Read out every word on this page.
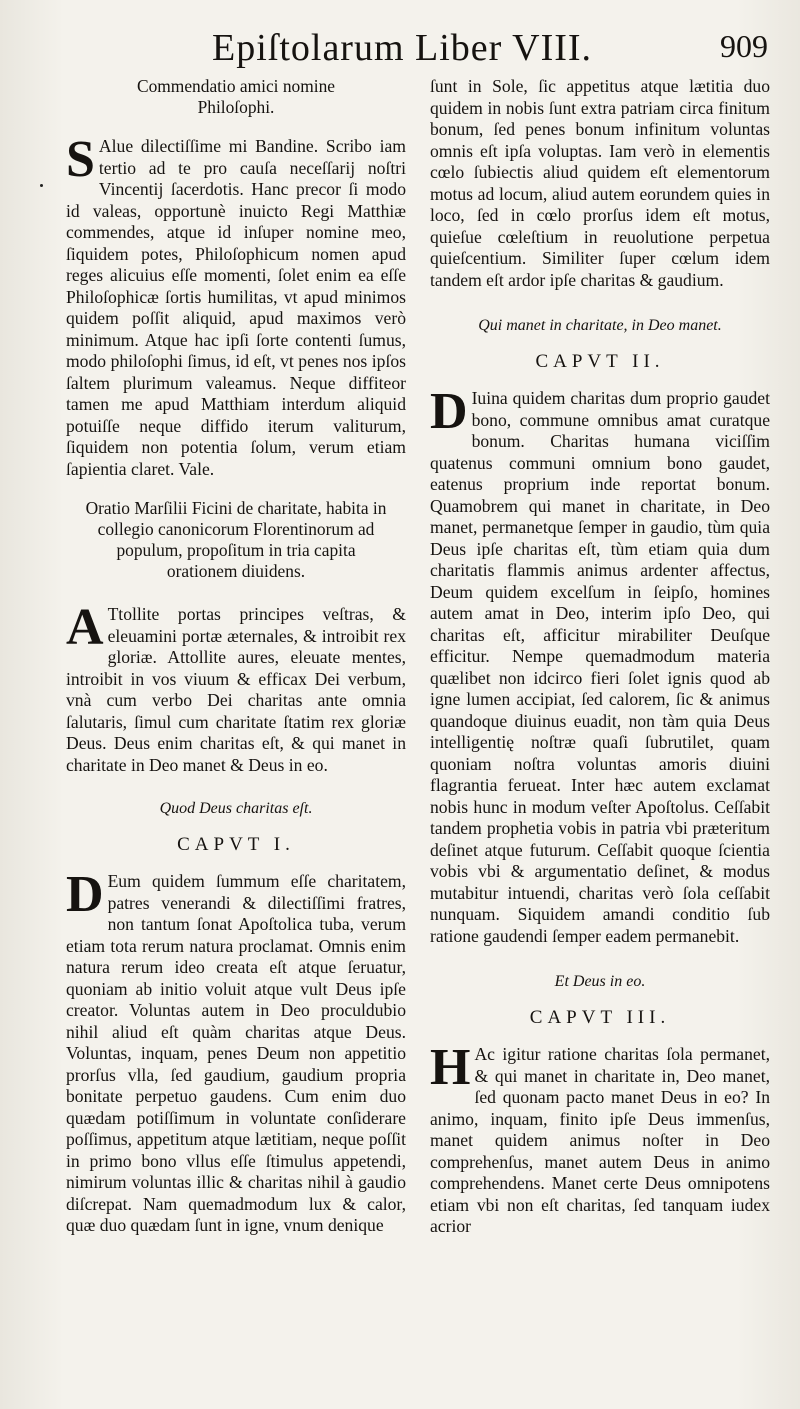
Epiſtolarum Liber VIII.	909
Commendatio amici nomine Philoſophi.

S Alue dilectiſſime mi Bandine. Scribo iam tertio ad te pro cauſa neceſſarij noſtri Vincentij ſacerdotis. Hanc precor ſi modo id valeas, opportunè inuicto Regi Matthiæ commendes, atque id inſuper nomine meo, ſiquidem potes, Philoſophicum nomen apud reges alicuius eſſe momenti, ſolet enim ea eſſe Philoſophicæ ſortis humilitas, vt apud minimos quidem poſſit aliquid, apud maximos verò minimum. Atque hac ipſi ſorte contenti ſumus, modo philoſophi ſimus, id eſt, vt penes nos ipſos ſaltem plurimum valeamus. Neque diffiteor tamen me apud Matthiam interdum aliquid potuiſſe neque diffido iterum valiturum, ſiquidem non potentia ſolum, verum etiam ſapientia claret. Vale.

Oratio Marſilii Ficini de charitate, habita in collegio canonicorum Florentinorum ad populum, propoſitum in tria capita orationem diuidens.

A Ttollite portas principes veſtras, & eleuamini portæ æternales, & introibit rex gloriæ. Attollite aures, eleuate mentes, introibit in vos viuum & efficax Dei verbum, vnà cum verbo Dei charitas ante omnia ſalutaris, ſimul cum charitate ſtatim rex gloriæ Deus. Deus enim charitas eſt, & qui manet in charitate in Deo manet & Deus in eo.

Quod Deus charitas eſt.
CAPVT I.

D Eum quidem ſummum eſſe charitatem, patres venerandi & dilectiſſimi fratres, non tantum ſonat Apoſtolica tuba, verum etiam tota rerum natura proclamat. Omnis enim natura rerum ideo creata eſt atque ſeruatur, quoniam ab initio voluit atque vult Deus ipſe creator. Voluntas autem in Deo proculdubio nihil aliud eſt quàm charitas atque Deus. Voluntas, inquam, penes Deum non appetitio prorſus vlla, ſed gaudium, gaudium propria bonitate perpetuo gaudens. Cum enim duo quædam potiſſimum in voluntate conſiderare poſſimus, appetitum atque lætitiam, neque poſſit in primo bono vllus eſſe ſtimulus appetendi, nimirum voluntas illic & charitas nihil à gaudio diſcrepat. Nam quemadmodum lux & calor, quæ duo quædam ſunt in igne, vnum denique

ſunt in Sole, ſic appetitus atque lætitia duo quidem in nobis ſunt extra patriam circa finitum bonum, ſed penes bonum infinitum voluntas omnis eſt ipſa voluptas. Iam verò in elementis cœlo ſubiectis aliud quidem eſt elementorum motus ad locum, aliud autem eorundem quies in loco, ſed in cœlo prorſus idem eſt motus, quieſue cœleſtium in reuolutione perpetua quieſcentium. Similiter ſuper cœlum idem tandem eſt ardor ipſe charitas & gaudium.

Qui manet in charitate, in Deo manet.
CAPVT II.

D Iuina quidem charitas dum proprio gaudet bono, commune omnibus amat curatque bonum. Charitas humana viciſſim quatenus communi omnium bono gaudet, eatenus proprium inde reportat bonum. Quamobrem qui manet in charitate, in Deo manet, permanetque ſemper in gaudio, tùm quia Deus ipſe charitas eſt, tùm etiam quia dum charitatis flammis animus ardenter affectus, Deum quidem excelſum in ſeipſo, homines autem amat in Deo, interim ipſo Deo, qui charitas eſt, afficitur mirabiliter Deuſque efficitur. Nempe quemadmodum materia quælibet non idcirco fieri ſolet ignis quod ab igne lumen accipiat, ſed calorem, ſic & animus quandoque diuinus euadit, non tàm quia Deus intelligentię noſtræ quaſi ſubrutilet, quam quoniam noſtra voluntas amoris diuini flagrantia ferueat. Inter hæc autem exclamat nobis hunc in modum veſter Apoſtolus. Ceſſabit tandem prophetia vobis in patria vbi præteritum deſinet atque futurum. Ceſſabit quoque ſcientia vobis vbi & argumentatio deſinet, & modus mutabitur intuendi, charitas verò ſola ceſſabit nunquam. Siquidem amandi conditio ſub ratione gaudendi ſemper eadem permanebit.

Et Deus in eo.
CAPVT III.

H Ac igitur ratione charitas ſola permanet, & qui manet in charitate in, Deo manet, ſed quonam pacto manet Deus in eo? In animo, inquam, finito ipſe Deus immenſus, manet quidem animus noſter in Deo comprehenſus, manet autem Deus in animo comprehendens. Manet certe Deus omnipotens etiam vbi non eſt charitas, ſed tanquam iudex acrior
